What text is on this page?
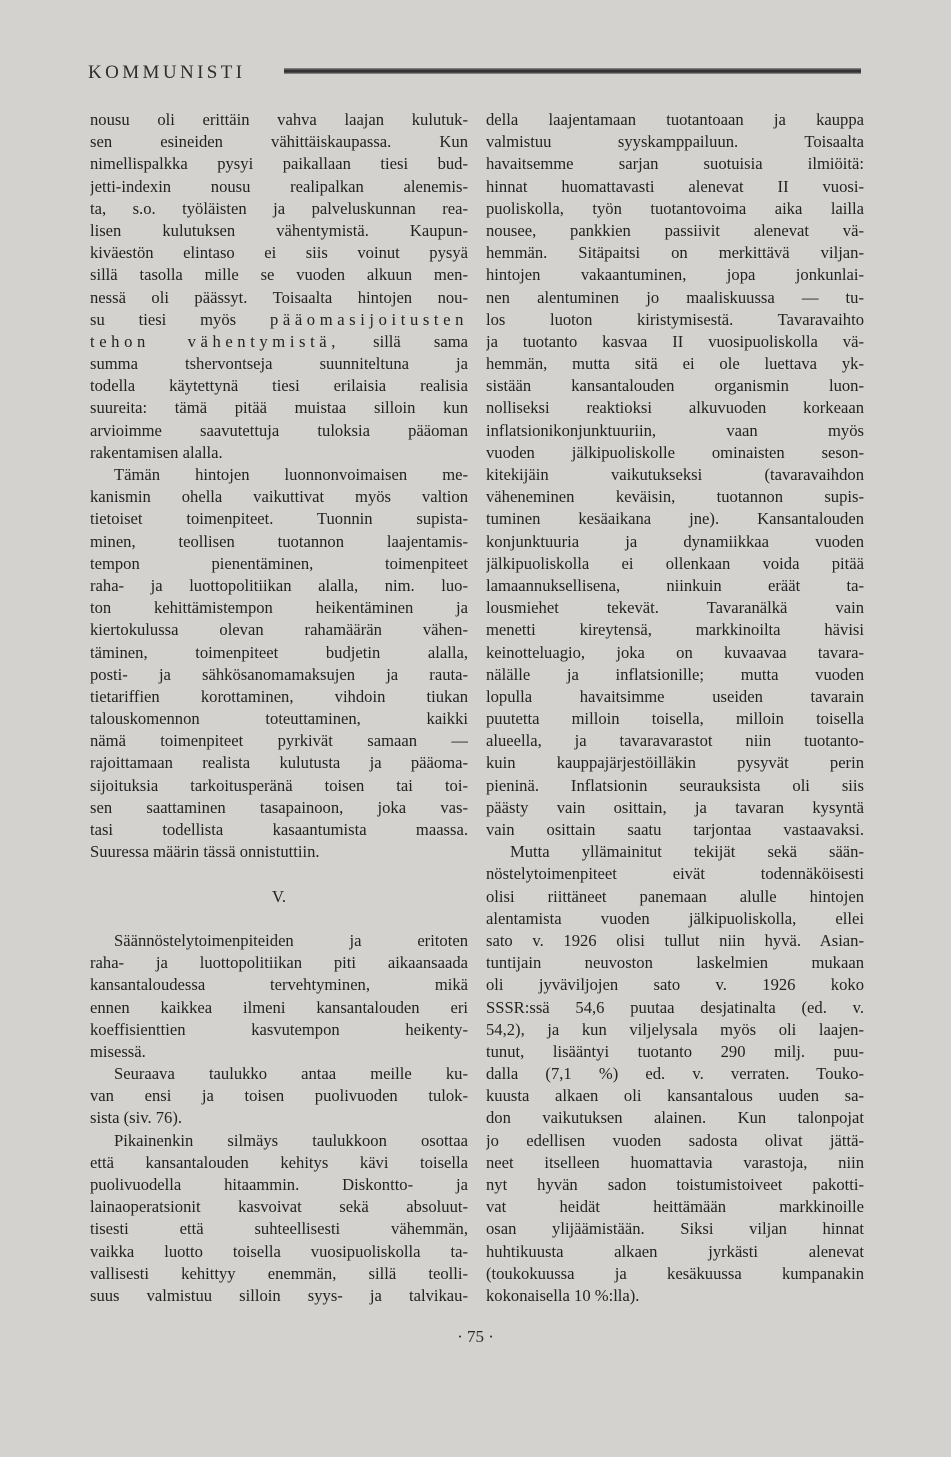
KOMMUNISTI
nousu oli erittäin vahva laajan kulutuk-
sen esineiden vähittäiskaupassa. Kun
nimellispalkka pysyi paikallaan tiesi bud-
jetti-indexin nousu realipalkan alenemis-
ta, s.o. työläisten ja palveluskunnan rea-
lisen kulutuksen vähentymistä. Kaupun-
kiväestön elintaso ei siis voinut pysyä
sillä tasolla mille se vuoden alkuun men-
nessä oli päässyt. Toisaalta hintojen nou-
su tiesi myös pääomasijoitusten
tehon vähentymistä, sillä sama
summa tshervontseja suunniteltuna ja
todella käytettynä tiesi erilaisia realisia
suureita: tämä pitää muistaa silloin kun
arvioimme saavutettuja tuloksia pääoman
rakentamisen alalla.
Tämän hintojen luonnonvoimaisen me-
kanismin ohella vaikuttivat myös valtion
tietoiset toimenpiteet. Tuonnin supista-
minen, teollisen tuotannon laajentamis-
tempon pienentäminen, toimenpiteet
raha- ja luottopolitiikan alalla, nim. luo-
ton kehittämistempon heikentäminen ja
kiertokulussa olevan rahamäärän vähen-
täminen, toimenpiteet budjetin alalla,
posti- ja sähkösanomamaksujen ja rauta-
tietariffien korottaminen, vihdoin tiukan
talouskomennon toteuttaminen, kaikki
nämä toimenpiteet pyrkivät samaan —
rajoittamaan realista kulutusta ja pääoma-
sijoituksia tarkoitusperänä toisen tai toi-
sen saattaminen tasapainoon, joka vas-
tasi todellista kasaantumista maassa.
Suuressa määrin tässä onnistuttiin.
V.
Säännöstelytoimenpiteiden ja eritoten
raha- ja luottopolitiikan piti aikaansaada
kansantaloudessa tervehtyminen, mikä
ennen kaikkea ilmeni kansantalouden eri
koeffisienttien kasvutempon heikenty-
misessä.
Seuraava taulukko antaa meille ku-
van ensi ja toisen puolivuoden tulok-
sista (siv. 76).
Pikainenkin silmäys taulukkoon osottaa
että kansantalouden kehitys kävi toisella
puolivuodella hitaammin. Diskontto- ja
lainaoperatsionit kasvoivat sekä absoluut-
tisesti että suhteellisesti vähemmän,
vaikka luotto toisella vuosipuoliskolla ta-
vallisesti kehittyy enemmän, sillä teolli-
suus valmistuu silloin syys- ja talvikau-
della laajentamaan tuotantoaan ja kauppa
valmistuu syyskamppailuun. Toisaalta
havaitsemme sarjan suotuisia ilmiöitä:
hinnat huomattavasti alenevat II vuosi-
puoliskolla, työn tuotantovoima aika lailla
nousee, pankkien passiivit alenevat vä-
hemmän. Sitäpaitsi on merkittävä viljan-
hintojen vakaantuminen, jopa jonkunlai-
nen alentuminen jo maaliskuussa — tu-
los luoton kiristymisestä. Tavaravaihto
ja tuotanto kasvaa II vuosipuoliskolla vä-
hemmän, mutta sitä ei ole luettava yk-
sistään kansantalouden organismin luon-
nolliseksi reaktioksi alkuvuoden korkeaan
inflatsionikonjunktuuriin, vaan myös
vuoden jälkipuoliskolle ominaisten seson-
kitekijäin vaikutukseksi (tavaravaihdon
väheneminen keväisin, tuotannon supis-
tuminen kesäaikana jne). Kansantalouden
konjunktuuria ja dynamiikkaa vuoden
jälkipuoliskolla ei ollenkaan voida pitää
lamaannuksellisena, niinkuin eräät ta-
lousmiehet tekevät. Tavaranälkä vain
menetti kireytensä, markkinoilta hävisi
keinotteluagio, joka on kuvaavaa tavara-
nälälle ja inflatsionille; mutta vuoden
lopulla havaitsimme useiden tavarain
puutetta milloin toisella, milloin toisella
alueella, ja tavaravarastot niin tuotanto-
kuin kauppajärjestöilläkin pysyvät perin
pieninä. Inflatsionin seurauksista oli siis
päästy vain osittain, ja tavaran kysyntä
vain osittain saatu tarjontaa vastaavaksi.
Mutta yllämainitut tekijät sekä sään-
nöstelytoimenpiteet eivät todennäköisesti
olisi riittäneet panemaan alulle hintojen
alentamista vuoden jälkipuoliskolla, ellei
sato v. 1926 olisi tullut niin hyvä. Asian-
tuntijain neuvoston laskelmien mukaan
oli jyväviljojen sato v. 1926 koko
SSSR:ssä 54,6 puutaa desjatinalta (ed. v.
54,2), ja kun viljelysala myös oli laajen-
tunut, lisääntyi tuotanto 290 milj. puu-
dalla (7,1 %) ed. v. verraten. Touko-
kuusta alkaen oli kansantalous uuden sa-
don vaikutuksen alainen. Kun talonpojat
jo edellisen vuoden sadosta olivat jättä-
neet itselleen huomattavia varastoja, niin
nyt hyvän sadon toistumistoiveet pakotti-
vat heidät heittämään markkinoille
osan ylijäämistään. Siksi viljan hinnat
huhtikuusta alkaen jyrkästi alenevat
(toukokuussa ja kesäkuussa kumpanakin
kokonaisella 10 %:lla).
· 75 ·
